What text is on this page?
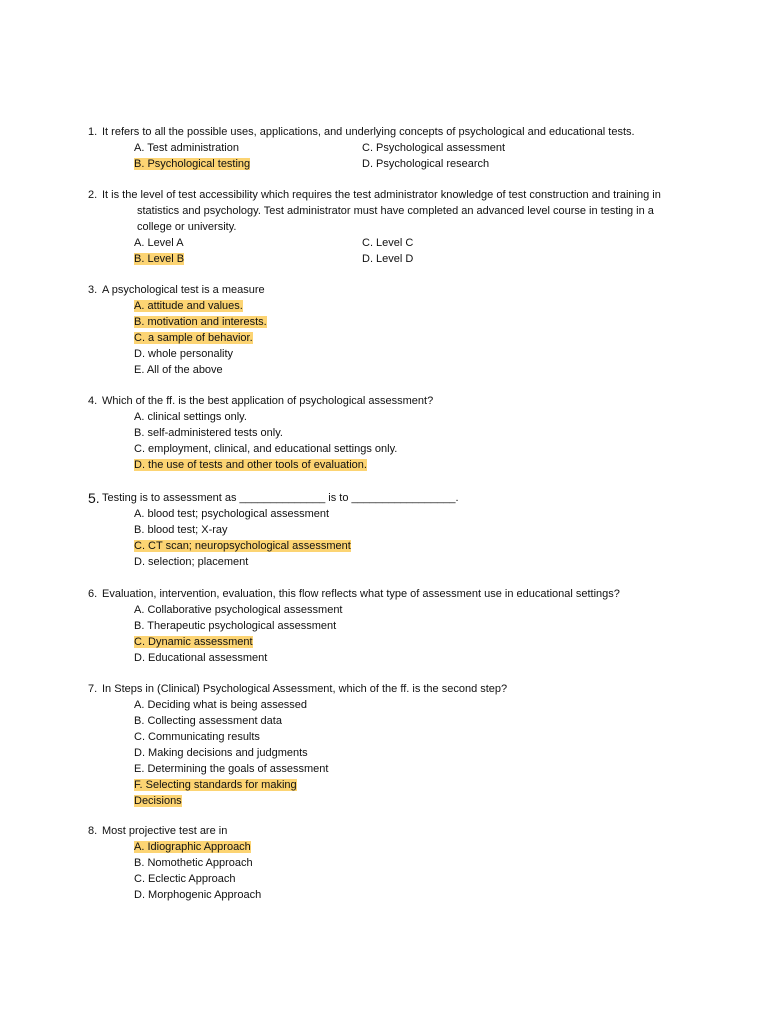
1. It refers to all the possible uses, applications, and underlying concepts of psychological and educational tests.
A. Test administration	C. Psychological assessment
B. Psychological testing	D. Psychological research
2. It is the level of test accessibility which requires the test administrator knowledge of test construction and training in
statistics and psychology. Test administrator must have completed an advanced level course in testing in a
college or university.
A. Level A	C. Level C
B. Level B	D. Level D
3. A psychological test is a measure
A. attitude and values.
B. motivation and interests.
C. a sample of behavior.
D. whole personality
E. All of the above
4. Which of the ff. is the best application of psychological assessment?
A. clinical settings only.
B. self-administered tests only.
C. employment, clinical, and educational settings only.
D. the use of tests and other tools of evaluation.
5. Testing is to assessment as ______________ is to _________________.
A. blood test; psychological assessment
B. blood test; X-ray
C. CT scan; neuropsychological assessment
D. selection; placement
6. Evaluation, intervention, evaluation, this flow reflects what type of assessment use in educational settings?
A. Collaborative psychological assessment
B. Therapeutic psychological assessment
C. Dynamic assessment
D. Educational assessment
7. In Steps in (Clinical) Psychological Assessment, which of the ff. is the second step?
A. Deciding what is being assessed
B. Collecting assessment data
C. Communicating results
D. Making decisions and judgments
E. Determining the goals of assessment
F. Selecting standards for making
Decisions
8. Most projective test are in
A. Idiographic Approach
B. Nomothetic Approach
C. Eclectic Approach
D. Morphogenic Approach
